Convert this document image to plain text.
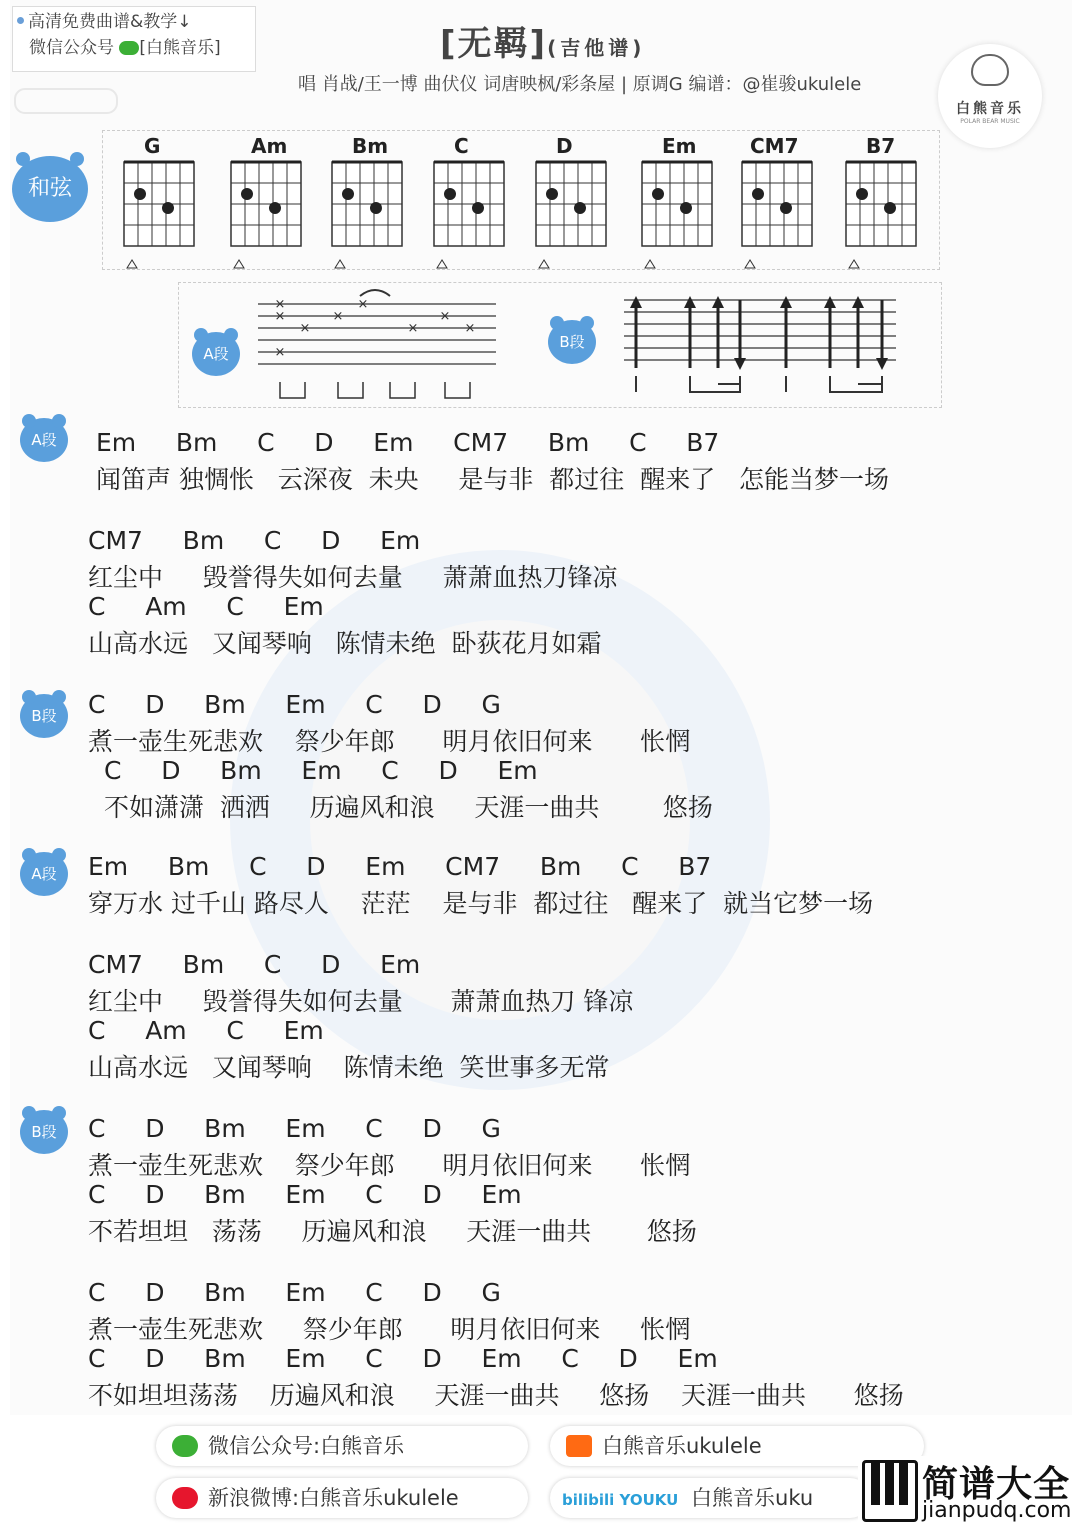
高清免费曲谱&教学↓
微信公众号 [白熊音乐]	[无羁](吉他谱)
唱 肖战/王一博 曲伏仪 词唐映枫/彩条屋 | 原调G 编谱：@崔骏ukulele
白熊音乐
POLAR BEAR MUSIC
和弦
G	Am	Bm	C	D	Em	CM7	B7
A段
×
×
×
×
×
×
×
×
×
B段
Em     Bm     C     D     Em     CM7     Bm     C     B7
闻笛声 独惆怅   云深夜  未央     是与非  都过往  醒来了   怎能当梦一场
CM7     Bm     C     D     Em
红尘中     毁誉得失如何去量     萧萧血热刀锋凉
C     Am     C     Em
山高水远   又闻琴响   陈情未绝  卧荻花月如霜
C     D     Bm     Em     C     D     G
煮一壶生死悲欢    祭少年郎      明月依旧何来      怅惘
C     D     Bm     Em     C     D     Em
不如潇潇  洒洒     历遍风和浪     天涯一曲共        悠扬
Em     Bm     C     D     Em     CM7     Bm     C     B7
穿万水 过千山 路尽人    茫茫    是与非  都过往   醒来了  就当它梦一场
CM7     Bm     C     D     Em
红尘中     毁誉得失如何去量      萧萧血热刀 锋凉
C     Am     C     Em
山高水远   又闻琴响    陈情未绝  笑世事多无常
C     D     Bm     Em     C     D     G
煮一壶生死悲欢    祭少年郎      明月依旧何来      怅惘
C     D     Bm     Em     C     D     Em
不若坦坦   荡荡     历遍风和浪     天涯一曲共       悠扬
C     D     Bm     Em     C     D     G
煮一壶生死悲欢     祭少年郎      明月依旧何来     怅惘
C     D     Bm     Em     C     D     Em     C     D     Em
不如坦坦荡荡    历遍风和浪     天涯一曲共     悠扬    天涯一曲共      悠扬
A段
B段
A段
B段
微信公众号:白熊音乐	白熊音乐ukulele
新浪微博:白熊音乐ukulele	bilibili YOUKU 白熊音乐uku	简谱大全
jianpudq.com
